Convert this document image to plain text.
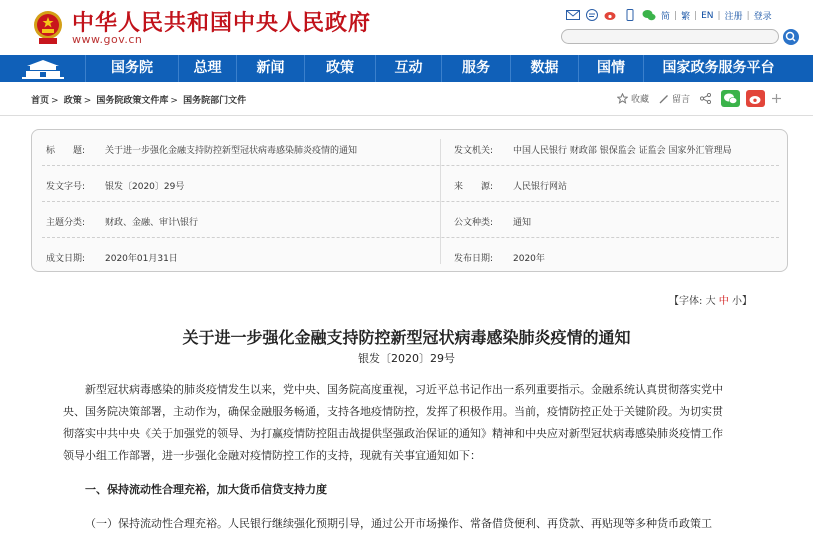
中华人民共和国中央人民政府
www.gov.cn
简 | 繁 | EN | 注册 | 登录
国务院	总理	新闻	政策	互动	服务	数据	国情	国家政务服务平台
首页 > 政策 > 国务院政策文件库 > 国务院部门文件	收藏	留言
标　　题: 关于进一步强化金融支持防控新型冠状病毒感染肺炎疫情的通知	发文机关: 中国人民银行 财政部 银保监会 证监会 国家外汇管理局
发文字号: 银发〔2020〕29号	来　　源: 人民银行网站
主题分类: 财政、金融、审计\银行	公文种类: 通知
成文日期: 2020年01月31日	发布日期: 2020年
【字体: 大 中 小】
关于进一步强化金融支持防控新型冠状病毒感染肺炎疫情的通知
银发〔2020〕29号
新型冠状病毒感染的肺炎疫情发生以来，党中央、国务院高度重视，习近平总书记作出一系列重要指示。金融系统认真贯彻落实党中
央、国务院决策部署，主动作为，确保金融服务畅通，支持各地疫情防控，发挥了积极作用。当前，疫情防控正处于关键阶段。为切实贯
彻落实中共中央《关于加强党的领导、为打赢疫情防控阻击战提供坚强政治保证的通知》精神和中央应对新型冠状病毒感染肺炎疫情工作
领导小组工作部署，进一步强化金融对疫情防控工作的支持，现就有关事宜通知如下：
一、保持流动性合理充裕，加大货币信贷支持力度
（一）保持流动性合理充裕。人民银行继续强化预期引导，通过公开市场操作、常备借贷便利、再贷款、再贴现等多种货币政策工
